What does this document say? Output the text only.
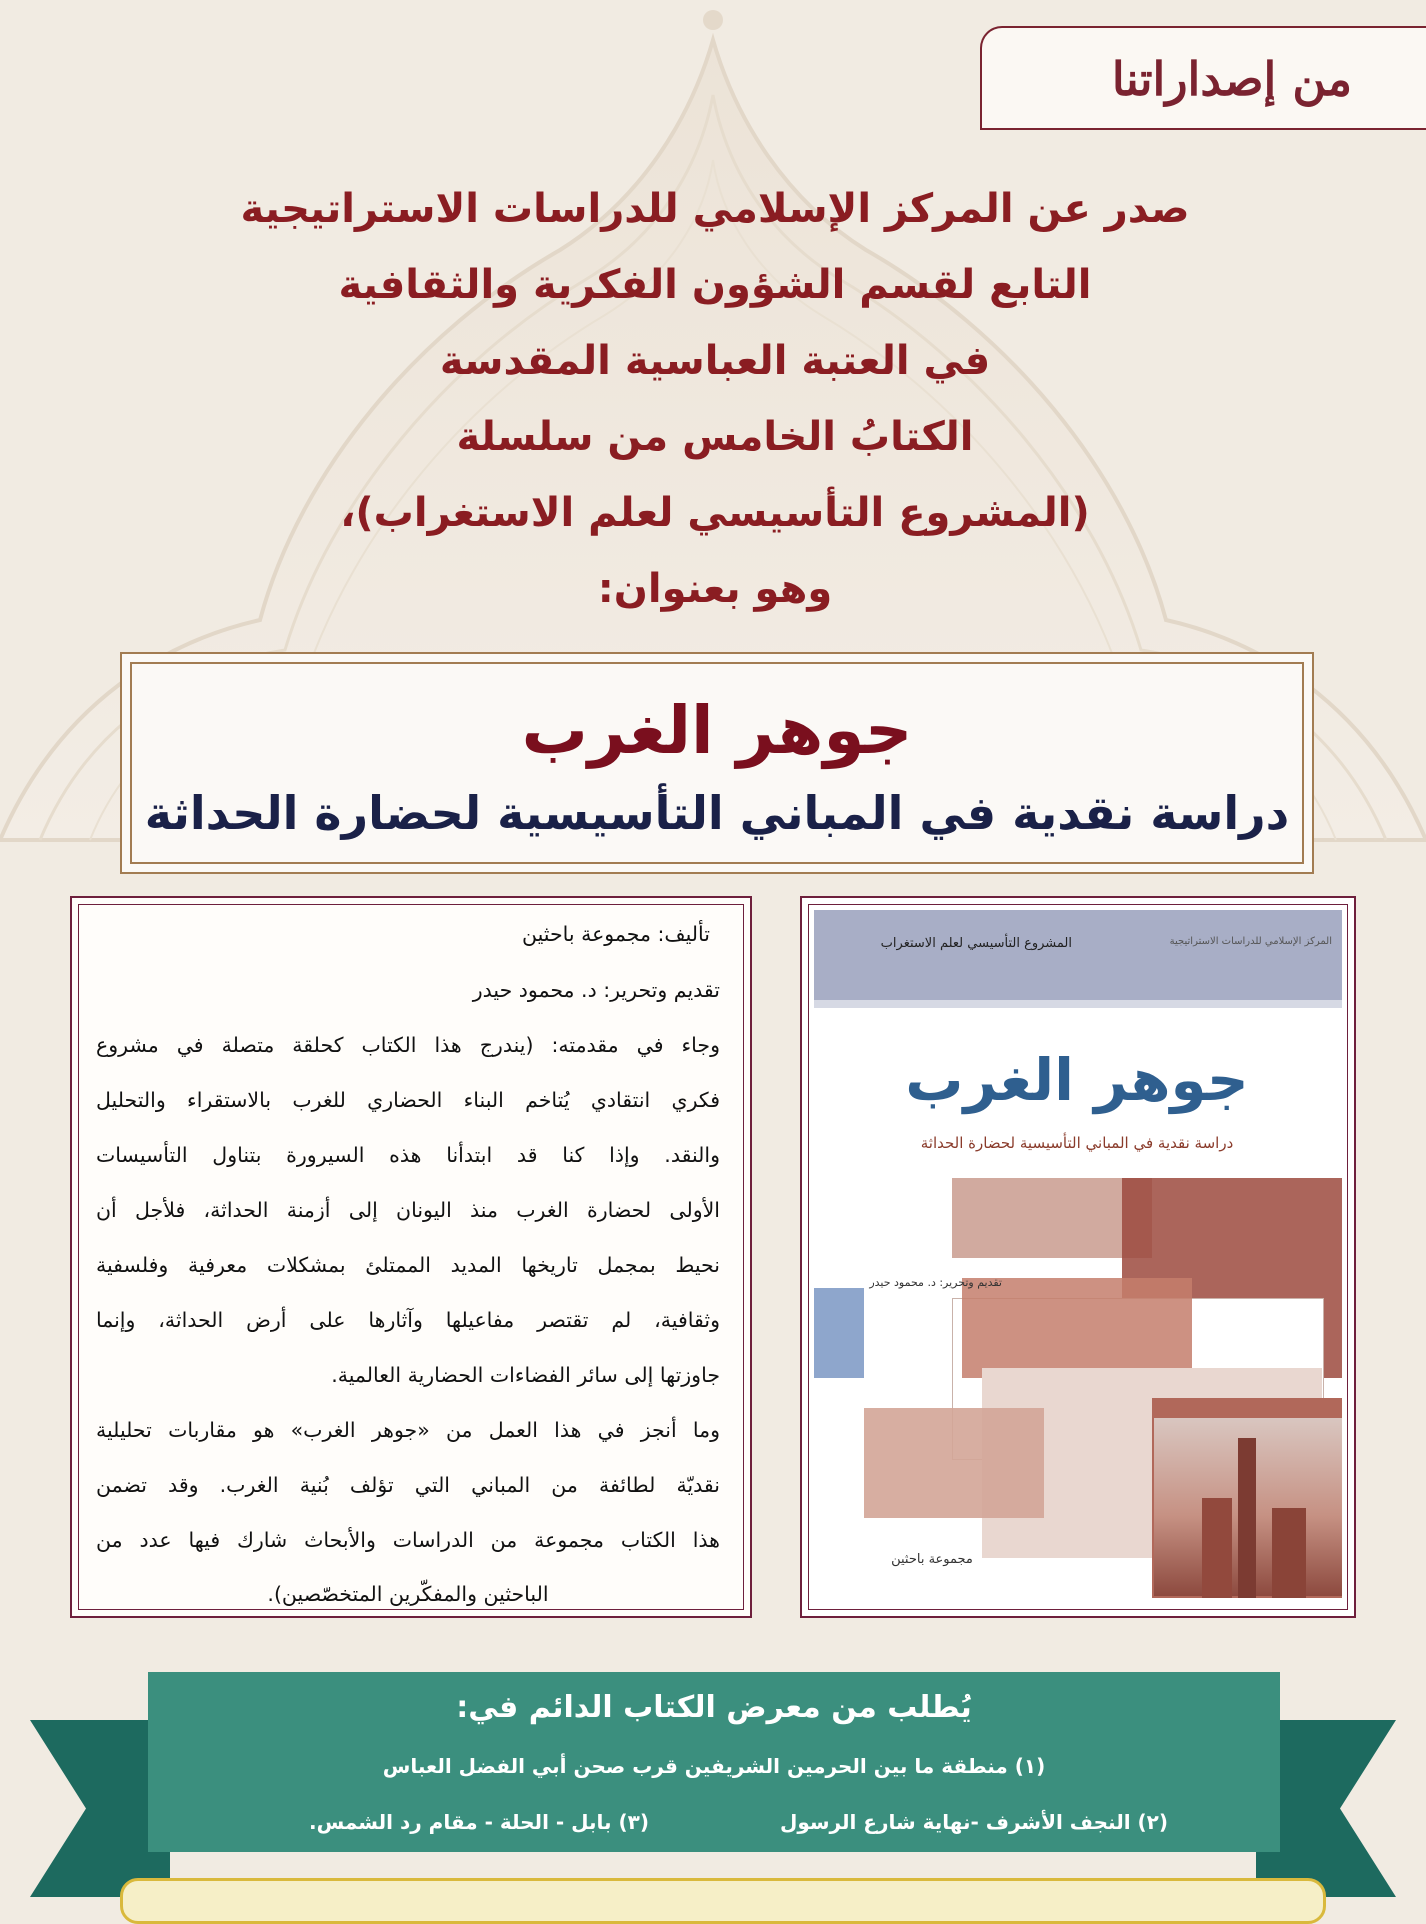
من إصداراتنا
صدر عن المركز الإسلامي للدراسات الاستراتيجية
التابع لقسم الشؤون الفكرية والثقافية
في العتبة العباسية المقدسة
الكتابُ الخامس من سلسلة
(المشروع التأسيسي لعلم الاستغراب)،
وهو بعنوان:
جوهر الغرب
دراسة نقدية في المباني التأسيسية لحضارة الحداثة
تأليف: مجموعة باحثين
تقديم وتحرير: د. محمود حيدر
وجاء في مقدمته: (يندرج هذا الكتاب كحلقة متصلة في مشروع
فكري انتقادي يُتاخم البناء الحضاري للغرب بالاستقراء والتحليل
والنقد. وإذا كنا قد ابتدأنا هذه السيرورة بتناول التأسيسات
الأولى لحضارة الغرب منذ اليونان إلى أزمنة الحداثة، فلأجل أن
نحيط بمجمل تاريخها المديد الممتلئ بمشكلات معرفية وفلسفية
وثقافية، لم تقتصر مفاعيلها وآثارها على أرض الحداثة، وإنما
جاوزتها إلى سائر الفضاءات الحضارية العالمية.
وما أنجز في هذا العمل من «جوهر الغرب» هو مقاربات تحليلية
نقديّة لطائفة من المباني التي تؤلف بُنية الغرب. وقد تضمن
هذا الكتاب مجموعة من الدراسات والأبحاث شارك فيها عدد من
الباحثين والمفكّرين المتخصّصين).
المشروع التأسيسي لعلم الاستغراب	المركز الإسلامي للدراسات الاستراتيجية
جوهر الغرب
دراسة نقدية في المباني التأسيسية لحضارة الحداثة
تقديم وتحرير: د. محمود حيدر
مجموعة باحثين
يُطلب من معرض الكتاب الدائم في:
(١) منطقة ما بين الحرمين الشريفين قرب صحن أبي الفضل العباس
(٢) النجف الأشرف -نهاية شارع الرسول
(٣) بابل - الحلة - مقام رد الشمس.
